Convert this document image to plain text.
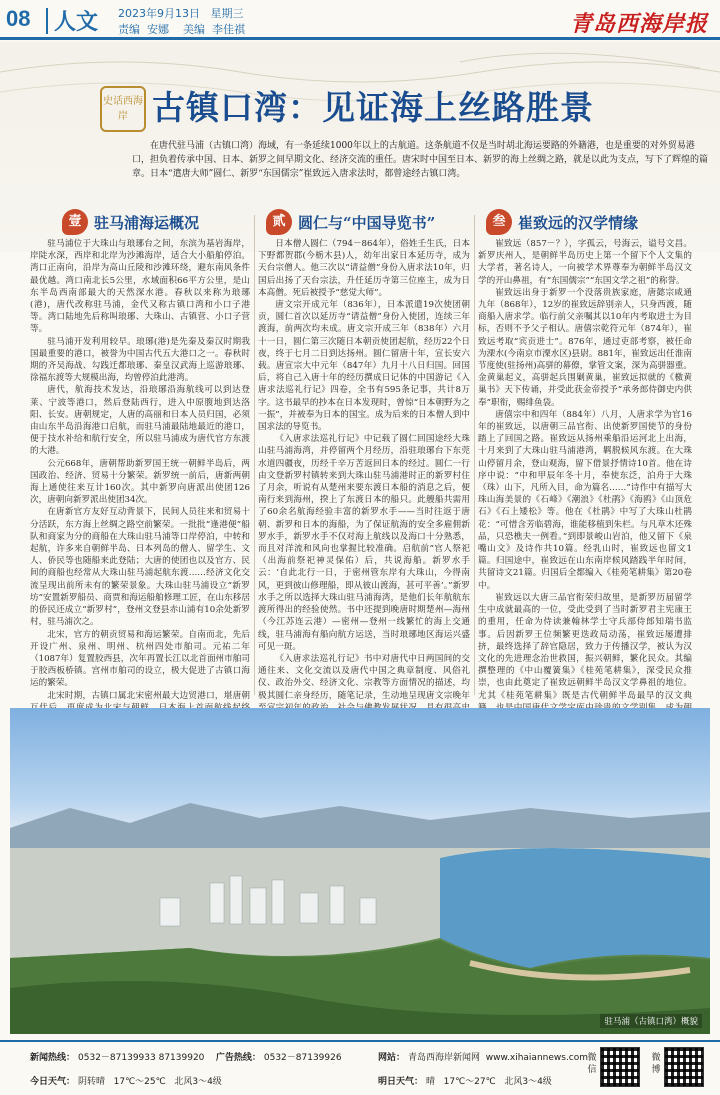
08 人文 2023年9月13日 星期三
责编 安娜 美编 李佳祺	青岛西海岸报
史话西海岸 古镇口湾：见证海上丝路胜景
在唐代驻马浦（古镇口湾）海域，有一条延续1000年以上的古航道。这条航道不仅是当时胡北海运要路的外籍港，也是重要的对外贸易港口，担负着传承中国、日本、新罗之间早期文化、经济交流的重任。唐宋时中国至日本、新罗的海上丝绸之路，就是以此为支点，写下了辉煌的篇章。日本“遣唐大师”圆仁、新罗“东国儒宗”崔致远入唐求法时，都曾途经古镇口湾。
壹 驻马浦海运概况

驻马浦位于大珠山与琅琊台之间，东滨为基岩海岸，岸陡水深，西岸和北岸为沙滩海岸，适合大小船舶停泊。湾口正南向，沿岸为高山丘陵和沙滩环绕，避东南风条件最优越。湾口南北长5公里，水域面积66平方公里，是山东半岛西南部最大的天然深水港。春秋以来称为琅琊(港)，唐代改称驻马浦，金代又称古镇口湾和小口子港等。湾口陆地先后称叫琅琊、大珠山、古镇营、小口子营等。

驻马浦开发利用较早。琅琊(港)是先秦及秦汉时期我国最重要的港口，被誉为中国古代五大港口之一。春秋时期的齐吴海战、勾践迁都琅琊、秦皇汉武海上巡游琅琊、徐福东渡等大规模出海，均曾停泊此港湾。

唐代，航海技术发达，沿琅琊沿海航线可以到达登莱、宁波等港口，然后登陆西行，进入中原腹地到达洛阳、长安。唐朝规定，人唐的高丽和日本人员归国，必须由山东半岛沿海港口启航，而驻马浦最陆地最近的港口，便于技水补给和航行安全，所以驻马浦成为唐代官方东渡的大港。

公元668年，唐朝帮助新罗国王统一朝鲜半岛后，两国政治、经济、贸易十分繁荣。新罗统一前后，唐新两朝海上通使往来互计160次。其中新罗向唐派出使团126次，唐朝向新罗派出使团34次。

在唐新官方友好互动背景下，民间人员往来和贸易十分活跃，东方海上丝绸之路空前繁荣。一批批“逢港便”船队和商家为分的商船在大珠山驻马浦等口岸停泊，中转和起航，许多来自朝鲜半岛、日本列岛的僧人、留学生、文人、侨民等也随船来此登陆；大唐的使团也以及官方、民间的商船也经常从大珠山驻马浦起航东渡……经济文化交流呈现出前所未有的繁荣景象。大珠山驻马浦设立“新罗坊”安置新罗船员、商贾和海运船舶修理工匠，在山东移居的侨民还成立“新罗村”，登州文登县赤山浦有10余处新罗村，驻马浦次之。

北宋，官方的朝贡贸易和海运繁荣。自南而北，先后开设广州、泉州、明州、杭州四处市舶司。元祐二年（1087年）复置胶西县，次年再置长江以北首面州市舶司于胶西板桥镇。宫州市舶司的设立，极大促进了古镇口海运的繁荣。

北宋时期，古镇口属北宋密州最大边贸港口，堪唐朝

贰 圆仁与“中国导览书”

日本僧人圆仁（794－864年），俗姓壬生氏，日本下野都贺郡(今栃木县)人，幼年出家日本延历寺，成为天台宗僧人。他三次以“请益僧”身份入唐求法10年，归国后出扬了天台宗法，升任延历寺第三位座主，成为日本高僧。死后被授予“慈觉大师”。

唐文宗开成元年（836年），日本派遣19次使团朝贡，圆仁首次以延历寺“请益僧”身份入使团，连续三年渡海，前两次均未成。唐文宗开成三年（838年）六月十一日，圆仁第三次随日本朝贡使团起航，经历22个日夜，终于七月二日到达扬州。圆仁留唐十年，宣长安六载。唐宣宗大中元年（847年）九月十八日归国。回国后，将自己入唐十年的经历撰成日记体的中国游记《入唐求法巡礼行记》四卷，全书有595条记事，共计8万字。这书最早的抄本在日本发现时，曾惊“日本朝野为之一振”，并被奉为日本的国宝。成为后来的日本僧人到中国求法的导览书。

《入唐求法巡礼行记》中记载了圆仁回国途经大珠山驻马浦海湾，并停留两个月经历，沿驻琅琊台下东莞水道四疆夜，历经千辛万苦返回日本的经过。圆仁一行由文登新罗村镇转来到大珠山驻马浦港时正的新罗村住了月余，听说有从楚州来要东渡日本船的消息之后，便南行来到海州，揆上了东渡日本的船只。此艘船共需用了60余名航海经验丰富的新罗水手——当时往返于唐朝、新罗和日本的海船，为了保证航海的安全多雇佣新罗水手，新罗水手不仅对海上航线以及海口十分熟悉，而且对洋流和风向也掌握比较准确。启航前“官人祭祀（出海前祭祀神灵保佑）后，共说海船。新罗水手云：‘自此北行一日，于密州管东岸有大珠山，今得南风，更到彼山修理船，即从彼山渡海，甚可平善’。”新罗水手之所以选择大珠山驻马浦海湾，是他们长年航航东渡所得出的经验使然。书中还提到晚唐时期楚州—海州（今江苏连云港）—密州—登州一线繁忙的海上交通线，驻马浦海有船向航方运送，当时琅琊地区海运兴盛可见一斑。

《入唐求法巡礼行记》书中对唐代中日两国间的交通往来、文化交流以及唐代中国之典章制度、风俗礼仪、政治外交、经济文化、宗教等方面情况的描述，均极其圆仁亲身经历，随笔记录，生动地呈现唐文宗晚年

叁 崔致远的汉学情缘

崔致远（857－？），字孤云，号海云，谥号文昌。新罗庆州人，是朝鲜半岛历史上第一个留下个人文集的大学者，著名诗人，一向被学术界尊奉为朝鲜半岛汉文学的开山鼻祖，有“东国儒宗”“东国文学之祖”的称誉。

崔致远出身于新罗一个没落贵族家庭，唐懿宗咸通九年（868年），12岁的崔致远辞别亲人，只身西渡，随商船入唐求学。临行前父亲嘱其以10年内考取进士为目标，否则不予父子相认。唐僖宗乾符元年（874年），崔致远考取“宾贡进士”。876年，通过吏部考察，被任命为溧水(今南京市溧水区)县尉。881年，崔致远出任淮南节度使(驻扬州)高骈的幕僚，掌管文案，深为高骈器重。金黄巢起义，高骈起兵围剿黄巢，崔致远拟就的《檄黄巢书》天下传诵，并受此获金帝授予“承务郎侍御史内供奉”职衔，赐绯鱼袋。

唐僖宗中和四年（884年）八月，人唐求学为官16年的崔致远，以唐朝三品官衔、出使新罗国使节的身份踏上了回国之路。崔致远从扬州乘船沿运河北上出海，十月来到了大珠山驻马浦港湾，羁脱候风东渡。在大珠山停留月余，登山观海，留下借景抒情诗10首。他在诗序中说：“中和甲辰年冬十月，奉使东泛，泊舟于大珠（珠）山下，凡所入目，命为篇名……”诗作中有描写大珠山海美景的《石峰》《潮浪》《杜鹃》《海鸥》《山顶危石》《石上矮松》等。他在《杜鹃》中写了大珠山杜鹃花：“可惜含芳临碧海，谁能移植到朱栏。与凡草木还殊品，只恐樵夫一例看。”到即景峻山岩泊，他又留下《泉嘴山文》及诗作共10篇。经乳山时，崔致远也留文1篇。归国途中，崔致远在山东南岸候风踏践半年时间，共留诗文21篇。归国后全都编入《桂苑笔耕集》第20卷中。

崔致远以大唐三品官衔荣归故里，是新罗历届留学生中成就最高的一位，受此受到了当时新罗君主宪康王的重用，任命为侍读兼翰林学士守兵部侍郎知瑞书监事。后因新罗王位频繁更迭政局动荡，崔致远屡遭排挤，最终选择了辞官隐居，致力于传播汉学，被认为汉文化的先进理念治世救国，振兴朝鲜，繁化民众。其编撰整理的《中山覆簧集》《桂苑笔耕集》，深受民众推崇，也由此奠定了崔致远朝鲜半岛汉文学鼻祖的地位。尤其《桂苑笔耕集》既是古代朝鲜半岛最早的汉文典

驻马浦（古镇口湾）概貌
新闻热线： 0532－87139933 87139920 广告热线： 0532－87139926	网站： 青岛西海岸新闻网 www.xihaiannews.com
今日天气： 阴转晴 17℃～25℃ 北风3～4级	明日天气： 晴 17℃～27℃ 北风3～4级
微信
微博
